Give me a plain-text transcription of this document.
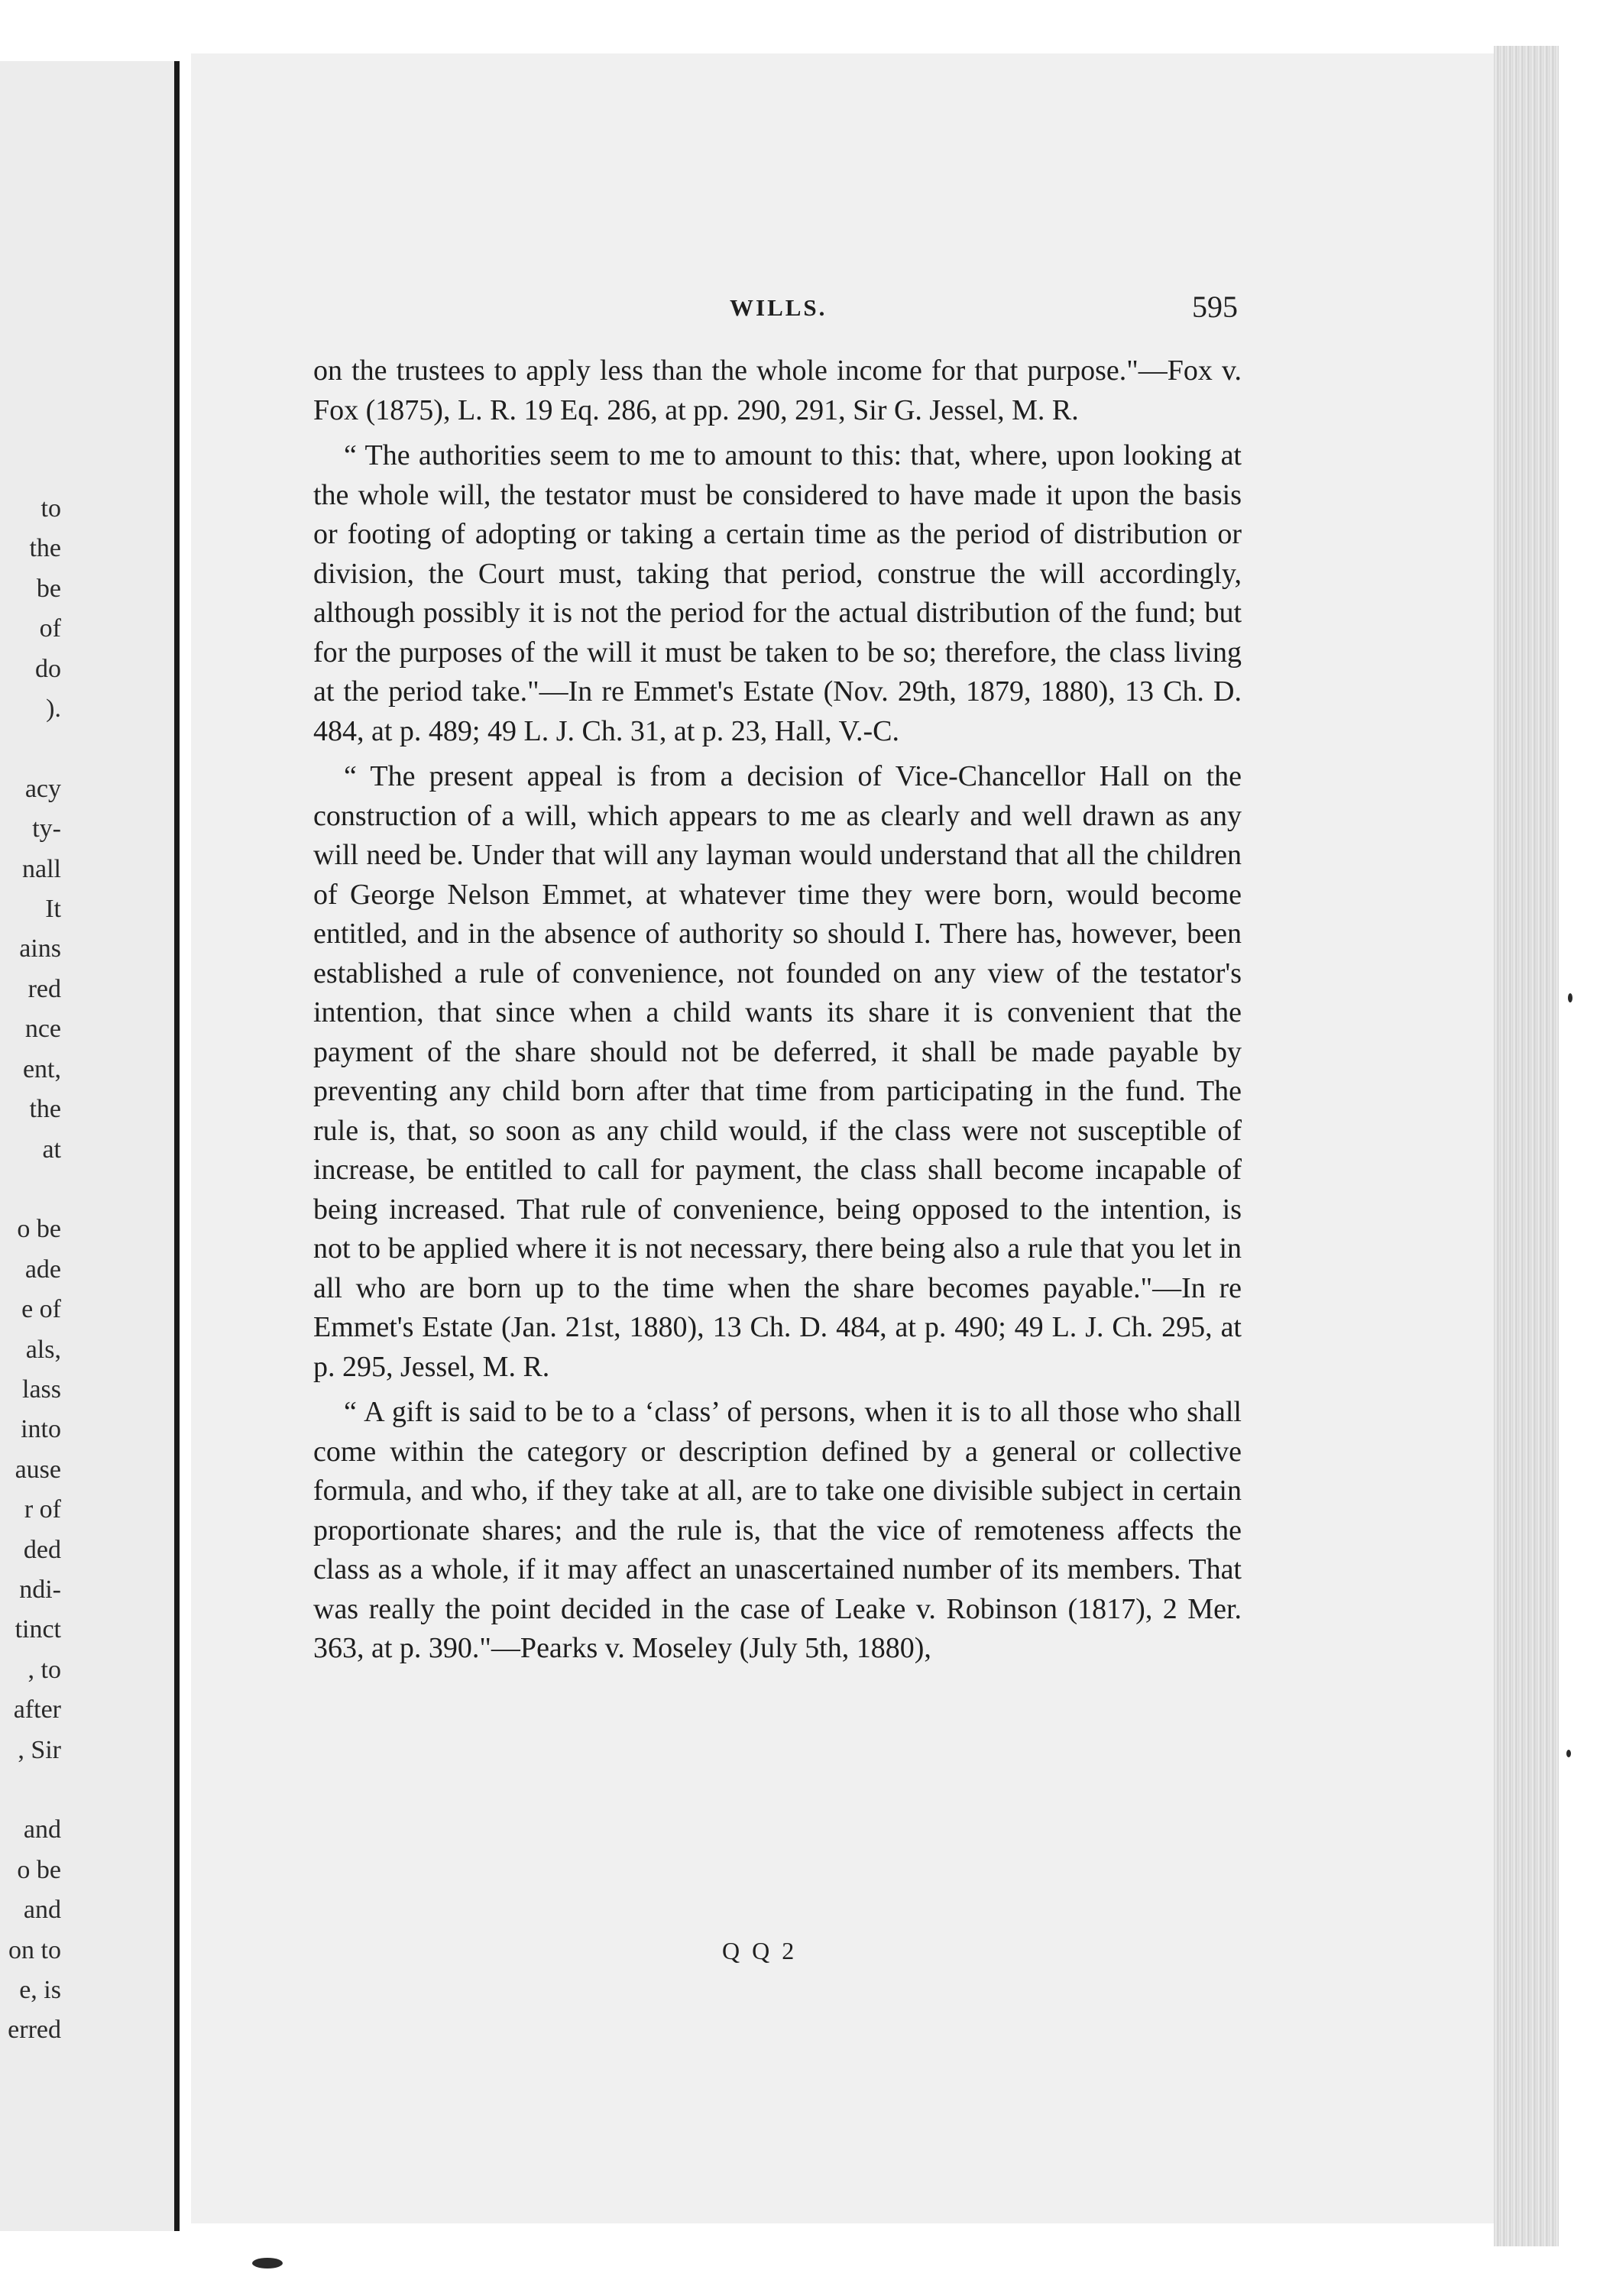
to
the
be
of
do
).

acy
ty-
nall
It
ains
red
nce
ent,
the
at

o be
ade
e of
als,
lass
into
ause
r of
ded
ndi-
tinct
, to
after
, Sir

and
o be
and
on to
e, is
erred
WILLS.	595

on the trustees to apply less than the whole income for that purpose."—Fox v. Fox (1875), L. R. 19 Eq. 286, at pp. 290, 291, Sir G. Jessel, M. R.

“ The authorities seem to me to amount to this: that, where, upon looking at the whole will, the testator must be considered to have made it upon the basis or footing of adopting or taking a certain time as the period of distribution or division, the Court must, taking that period, construe the will accordingly, although possibly it is not the period for the actual distribution of the fund; but for the purposes of the will it must be taken to be so; therefore, the class living at the period take."—In re Emmet's Estate (Nov. 29th, 1879, 1880), 13 Ch. D. 484, at p. 489; 49 L. J. Ch. 31, at p. 23, Hall, V.-C.

“ The present appeal is from a decision of Vice-Chancellor Hall on the construction of a will, which appears to me as clearly and well drawn as any will need be. Under that will any layman would understand that all the children of George Nelson Emmet, at whatever time they were born, would become entitled, and in the absence of authority so should I. There has, however, been established a rule of convenience, not founded on any view of the testator's intention, that since when a child wants its share it is convenient that the payment of the share should not be deferred, it shall be made payable by preventing any child born after that time from participating in the fund. The rule is, that, so soon as any child would, if the class were not susceptible of increase, be entitled to call for payment, the class shall become incapable of being increased. That rule of convenience, being opposed to the intention, is not to be applied where it is not necessary, there being also a rule that you let in all who are born up to the time when the share becomes payable."—In re Emmet's Estate (Jan. 21st, 1880), 13 Ch. D. 484, at p. 490; 49 L. J. Ch. 295, at p. 295, Jessel, M. R.

“ A gift is said to be to a ‘class’ of persons, when it is to all those who shall come within the category or description defined by a general or collective formula, and who, if they take at all, are to take one divisible subject in certain proportionate shares; and the rule is, that the vice of remoteness affects the class as a whole, if it may affect an unascertained number of its members. That was really the point decided in the case of Leake v. Robinson (1817), 2 Mer. 363, at p. 390."—Pearks v. Moseley (July 5th, 1880),

Q Q 2
